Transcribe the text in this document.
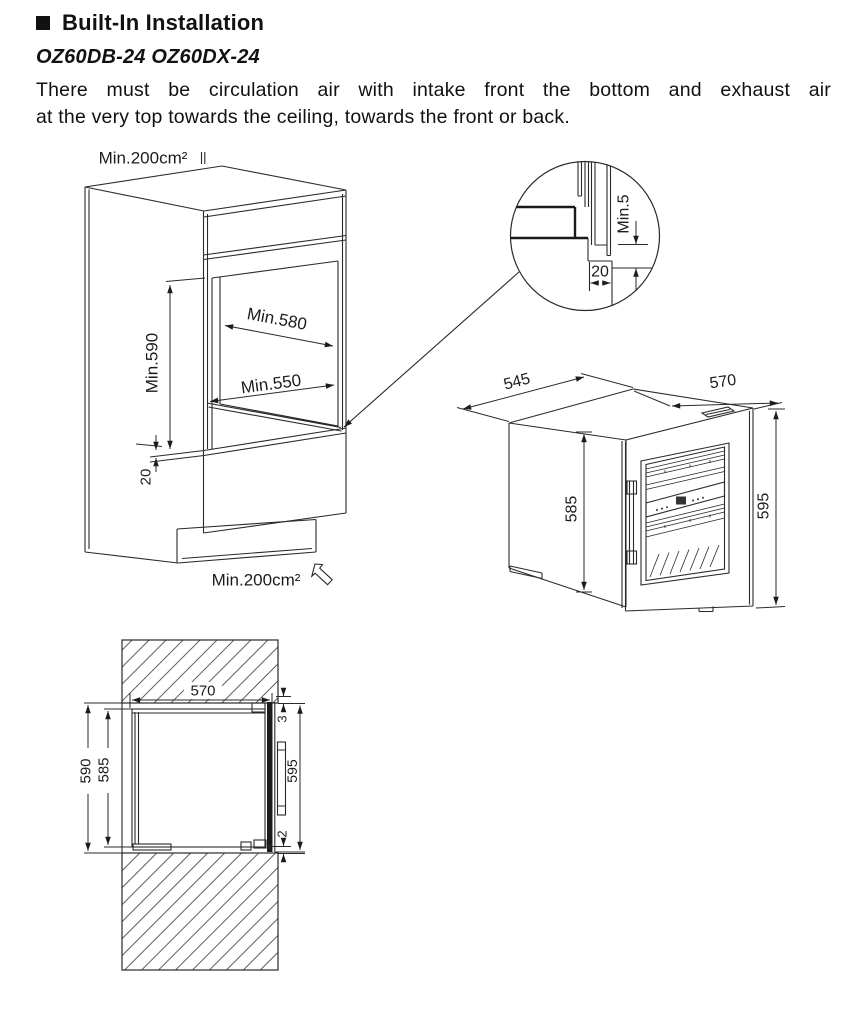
Built-In Installation
OZ60DB-24 OZ60DX-24
There must be circulation air with intake front the bottom and exhaust air
at the very top towards the ceiling, towards the front or back.
Min.200cm²
Min.590
Min.580
Min.550
20
Min.200cm²
Min.5
20
545	570
585	595
570
590 585
3
595
2
